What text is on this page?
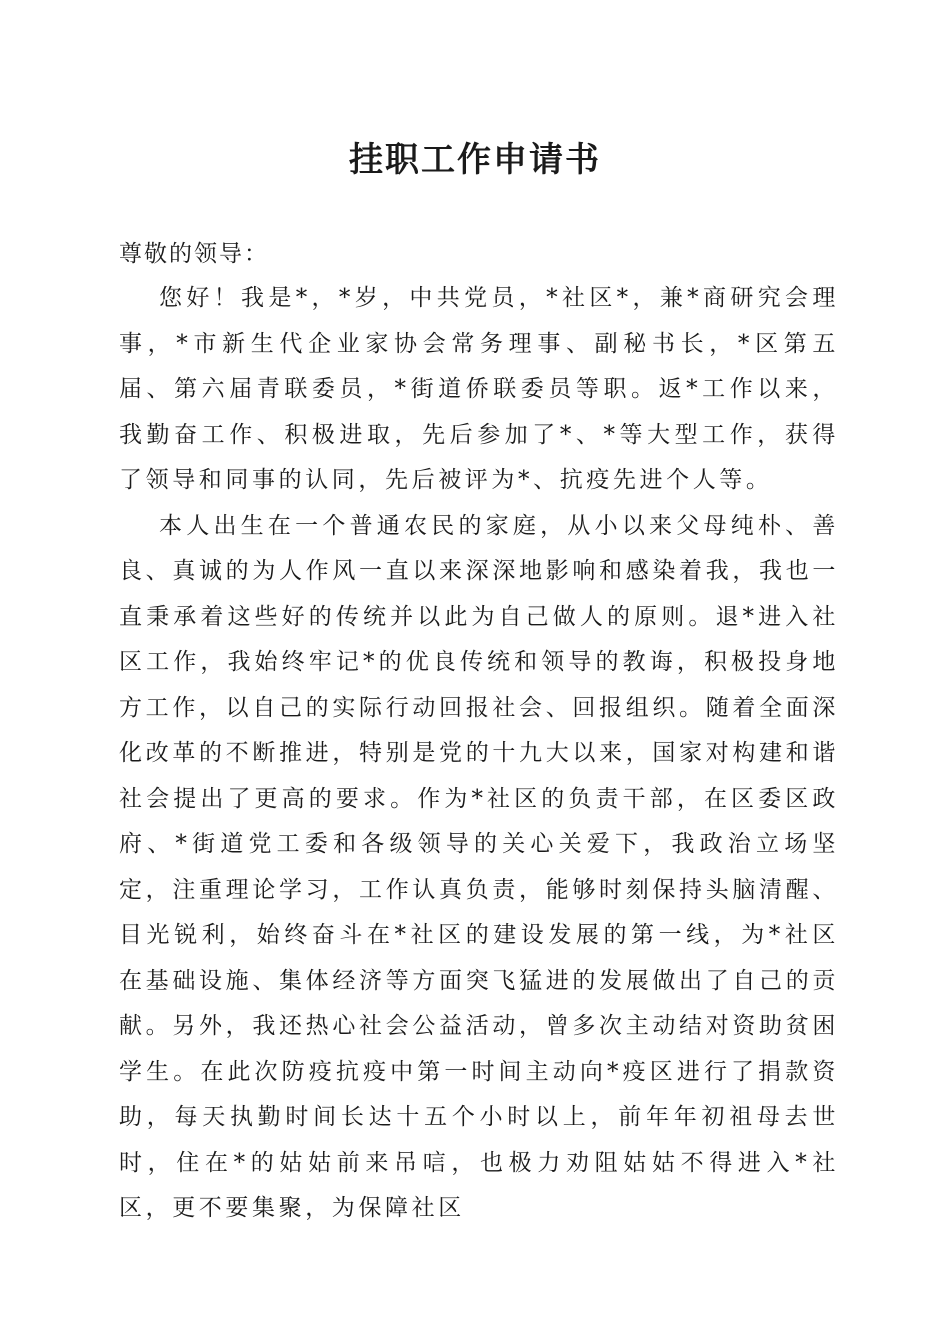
挂职工作申请书

尊敬的领导：

您好！我是*，*岁，中共党员，*社区*，兼*商研究会理事，*市新生代企业家协会常务理事、副秘书长，*区第五届、第六届青联委员，*街道侨联委员等职。返*工作以来，我勤奋工作、积极进取，先后参加了*、*等大型工作，获得了领导和同事的认同，先后被评为*、抗疫先进个人等。

本人出生在一个普通农民的家庭，从小以来父母纯朴、善良、真诚的为人作风一直以来深深地影响和感染着我，我也一直秉承着这些好的传统并以此为自己做人的原则。退*进入社区工作，我始终牢记*的优良传统和领导的教诲，积极投身地方工作，以自己的实际行动回报社会、回报组织。随着全面深化改革的不断推进，特别是党的十九大以来，国家对构建和谐社会提出了更高的要求。作为*社区的负责干部，在区委区政府、*街道党工委和各级领导的关心关爱下，我政治立场坚定，注重理论学习，工作认真负责，能够时刻保持头脑清醒、目光锐利，始终奋斗在*社区的建设发展的第一线，为*社区在基础设施、集体经济等方面突飞猛进的发展做出了自己的贡献。另外，我还热心社会公益活动，曾多次主动结对资助贫困学生。在此次防疫抗疫中第一时间主动向*疫区进行了捐款资助，每天执勤时间长达十五个小时以上，前年年初祖母去世时，住在*的姑姑前来吊唁，也极力劝阻姑姑不得进入*社区，更不要集聚，为保障社区
